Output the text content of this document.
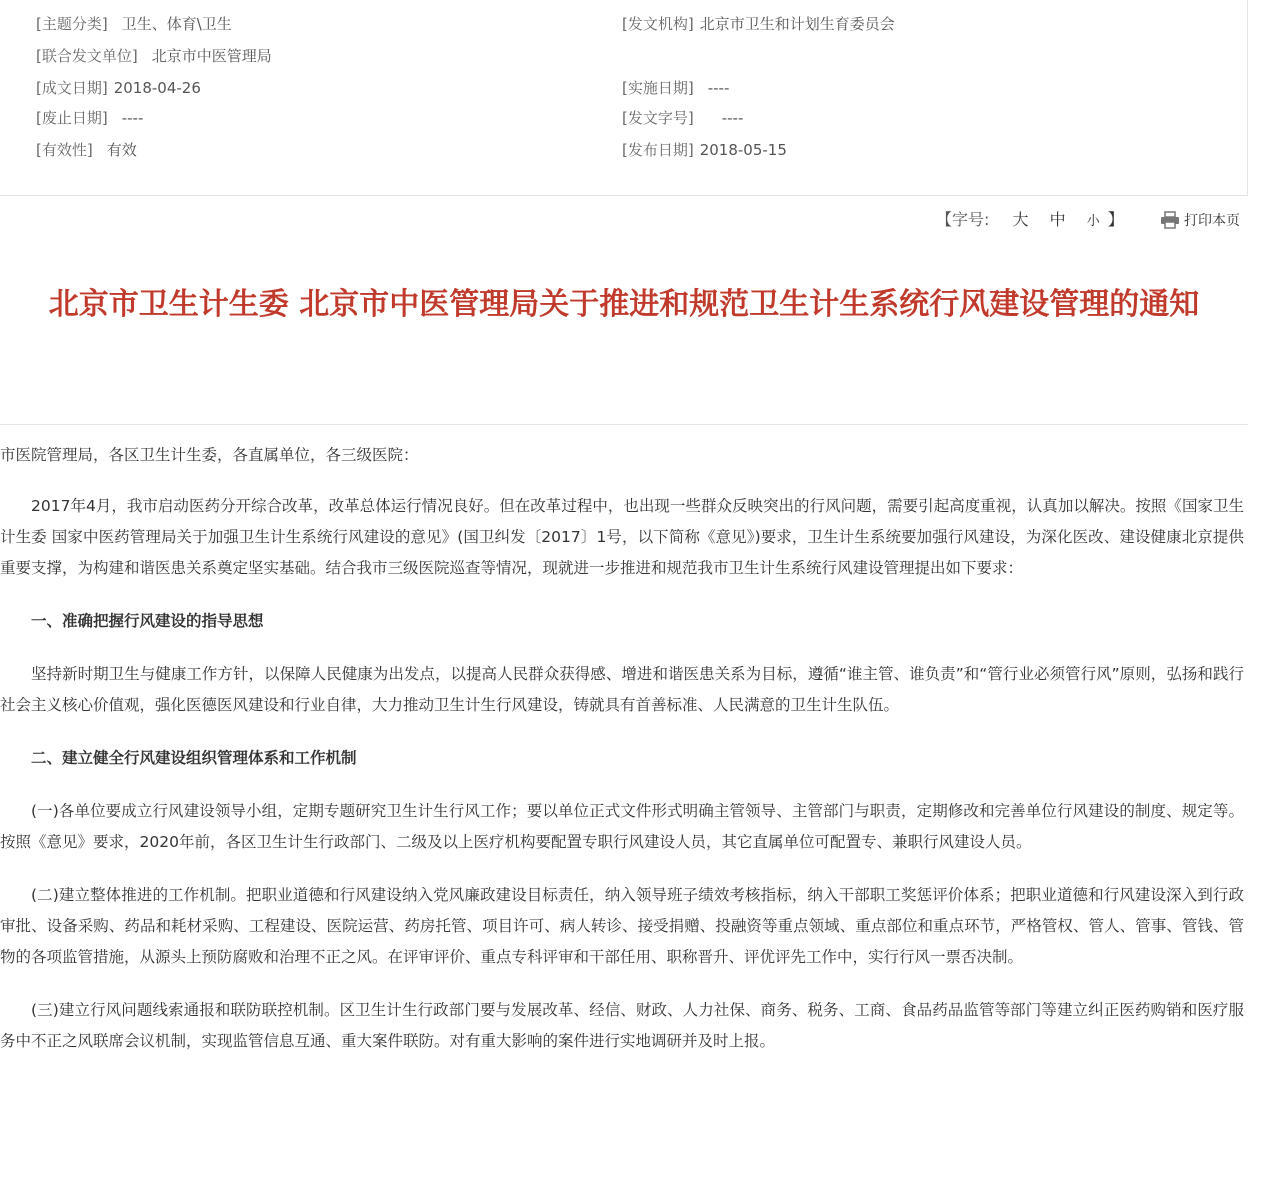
[主题分类] 卫生、体育\卫生	[发文机构] 北京市卫生和计划生育委员会
[联合发文单位] 北京市中医管理局
[成文日期] 2018-04-26	[实施日期] ----
[废止日期] ----	[发文字号] ----
[有效性] 有效	[发布日期] 2018-05-15
【字号: 大 中 小 】	打印本页
北京市卫生计生委 北京市中医管理局关于推进和规范卫生计生系统行风建设管理的通知

市医院管理局，各区卫生计生委，各直属单位，各三级医院：

2017年4月，我市启动医药分开综合改革，改革总体运行情况良好。但在改革过程中，也出现一些群众反映突出的行风问题，需要引起高度重视，认真加以解决。按照《国家卫生计生委 国家中医药管理局关于加强卫生计生系统行风建设的意见》(国卫纠发〔2017〕1号，以下简称《意见》)要求，卫生计生系统要加强行风建设，为深化医改、建设健康北京提供重要支撑，为构建和谐医患关系奠定坚实基础。结合我市三级医院巡查等情况，现就进一步推进和规范我市卫生计生系统行风建设管理提出如下要求：

一、准确把握行风建设的指导思想

坚持新时期卫生与健康工作方针，以保障人民健康为出发点，以提高人民群众获得感、增进和谐医患关系为目标，遵循“谁主管、谁负责”和“管行业必须管行风”原则，弘扬和践行社会主义核心价值观，强化医德医风建设和行业自律，大力推动卫生计生行风建设，铸就具有首善标准、人民满意的卫生计生队伍。

二、建立健全行风建设组织管理体系和工作机制

(一)各单位要成立行风建设领导小组，定期专题研究卫生计生行风工作；要以单位正式文件形式明确主管领导、主管部门与职责，定期修改和完善单位行风建设的制度、规定等。按照《意见》要求，2020年前，各区卫生计生行政部门、二级及以上医疗机构要配置专职行风建设人员，其它直属单位可配置专、兼职行风建设人员。

(二)建立整体推进的工作机制。把职业道德和行风建设纳入党风廉政建设目标责任，纳入领导班子绩效考核指标，纳入干部职工奖惩评价体系；把职业道德和行风建设深入到行政审批、设备采购、药品和耗材采购、工程建设、医院运营、药房托管、项目许可、病人转诊、接受捐赠、投融资等重点领域、重点部位和重点环节，严格管权、管人、管事、管钱、管物的各项监管措施，从源头上预防腐败和治理不正之风。在评审评价、重点专科评审和干部任用、职称晋升、评优评先工作中，实行行风一票否决制。

(三)建立行风问题线索通报和联防联控机制。区卫生计生行政部门要与发展改革、经信、财政、人力社保、商务、税务、工商、食品药品监管等部门等建立纠正医药购销和医疗服务中不正之风联席会议机制，实现监管信息互通、重大案件联防。对有重大影响的案件进行实地调研并及时上报。
